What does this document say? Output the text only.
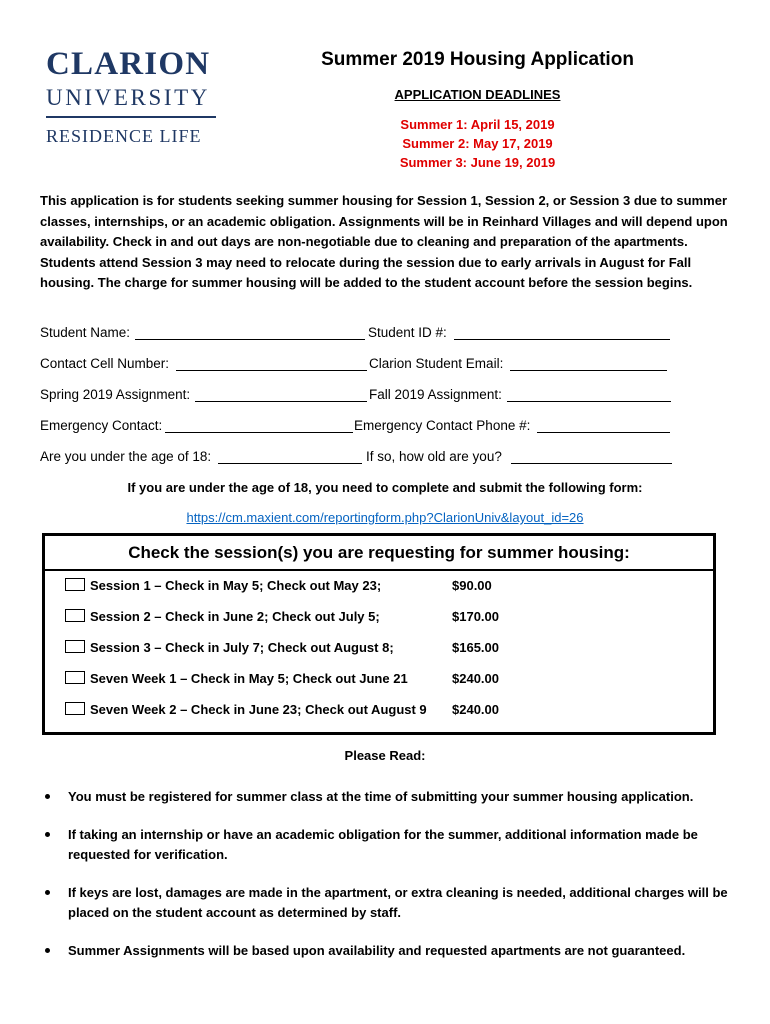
CLARION
UNIVERSITY
RESIDENCE LIFE
Summer 2019 Housing Application
APPLICATION DEADLINES
Summer 1: April 15, 2019
Summer 2: May 17, 2019
Summer 3: June 19, 2019
This application is for students seeking summer housing for Session 1, Session 2, or Session 3 due to summer classes, internships, or an academic obligation. Assignments will be in Reinhard Villages and will depend upon availability. Check in and out days are non-negotiable due to cleaning and preparation of the apartments. Students attend Session 3 may need to relocate during the session due to early arrivals in August for Fall housing. The charge for summer housing will be added to the student account before the session begins.
Student Name:	Student ID #:
Contact Cell Number:	Clarion Student Email:
Spring 2019 Assignment:	Fall 2019 Assignment:
Emergency Contact:	Emergency Contact Phone #:
Are you under the age of 18:	If so, how old are you?
If you are under the age of 18, you need to complete and submit the following form:
https://cm.maxient.com/reportingform.php?ClarionUniv&layout_id=26
Check the session(s) you are requesting for summer housing:
Session 1 – Check in May 5; Check out May 23;	$90.00
Session 2 – Check in June 2; Check out July 5;	$170.00
Session 3 – Check in July 7; Check out August 8;	$165.00
Seven Week 1 – Check in May 5; Check out June 21	$240.00
Seven Week 2 – Check in June 23; Check out August 9 $240.00
Please Read:
You must be registered for summer class at the time of submitting your summer housing application.
If taking an internship or have an academic obligation for the summer, additional information made be requested for verification.
If keys are lost, damages are made in the apartment, or extra cleaning is needed, additional charges will be placed on the student account as determined by staff.
Summer Assignments will be based upon availability and requested apartments are not guaranteed.
